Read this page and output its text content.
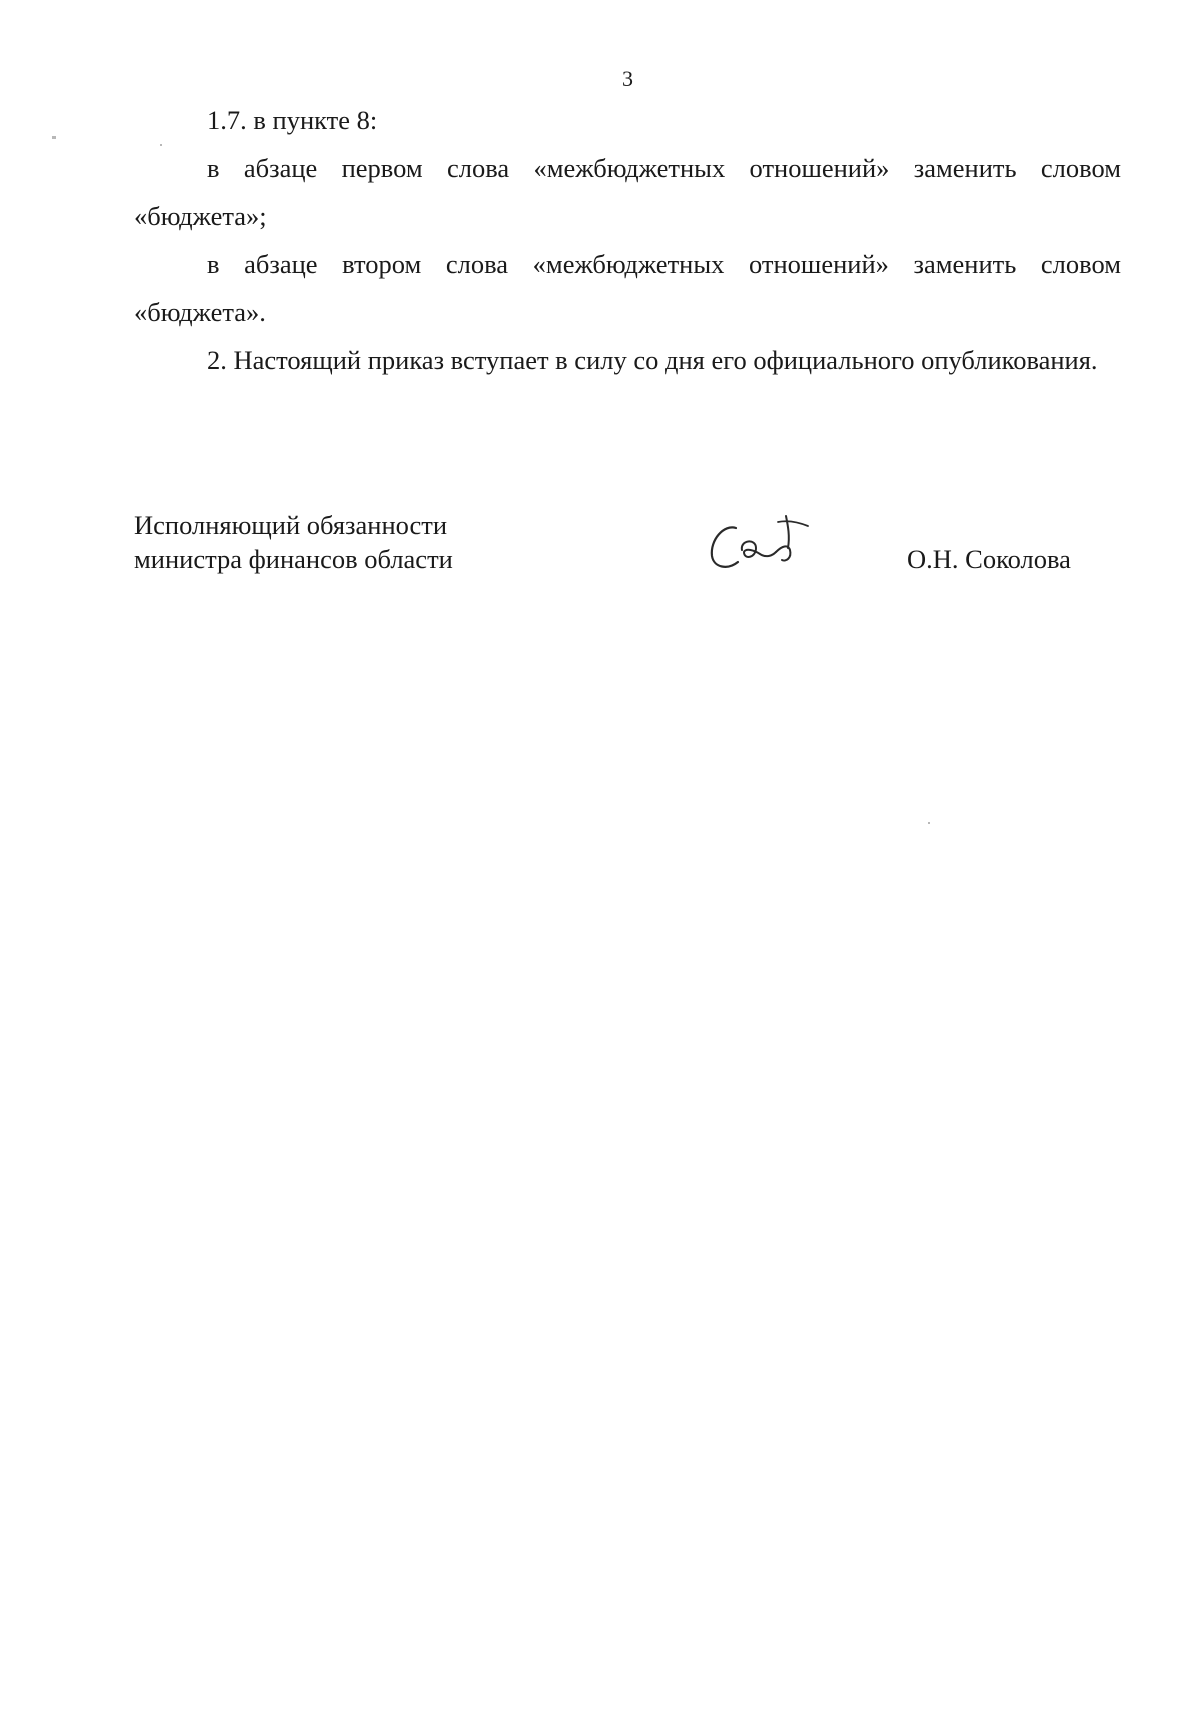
3

1.7. в пункте 8:

в абзаце первом слова «межбюджетных отношений» заменить словом «бюджета»;

в абзаце втором слова «межбюджетных отношений» заменить словом «бюджета».

2. Настоящий приказ вступает в силу со дня его официального опубликования.

Исполняющий обязанности
министра финансов области	О.Н. Соколова
